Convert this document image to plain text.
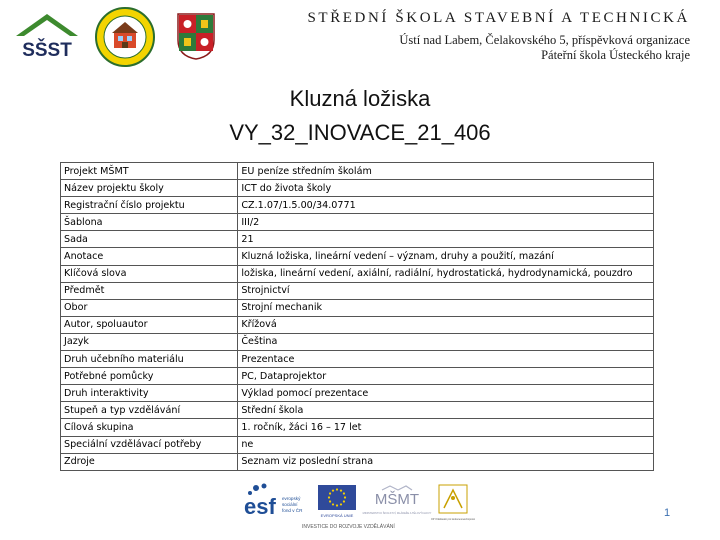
SŠST
STŘEDNÍ ŠKOLA STAVEBNÍ A TECHNICKÁ
Ústí nad Labem, Čelakovského 5, příspěvková organizace
Páteřní škola Ústeckého kraje
Kluzná ložiska
VY_32_INOVACE_21_406
Projekt MŠMT	EU peníze středním školám
Název projektu školy	ICT do života školy
Registrační číslo projektu	CZ.1.07/1.5.00/34.0771
Šablona	III/2
Sada	21
Anotace	Kluzná ložiska, lineární vedení – význam, druhy a použití, mazání
Klíčová slova	ložiska, lineární vedení, axiální, radiální, hydrostatická, hydrodynamická, pouzdro
Předmět	Strojnictví
Obor	Strojní mechanik
Autor, spoluautor	Křížová
Jazyk	Čeština
Druh učebního materiálu	Prezentace
Potřebné pomůcky	PC, Dataprojektor
Druh interaktivity	Výklad pomocí prezentace
Stupeň a typ vzdělávání	Střední škola
Cílová skupina	1. ročník, žáci 16 – 17 let
Speciální vzdělávací potřeby	ne
Zdroje	Seznam viz poslední strana
esf evropský
sociální
fond v ČR
EVROPSKÁ UNIE
MŠMT
MINISTERSTVO ŠKOLSTVÍ, MLÁDEŽE A TĚLOVÝCHOVY
OP Vzdělávání pro konkurenceschopnost
INVESTICE DO ROZVOJE VZDĚLÁVÁNÍ
1
